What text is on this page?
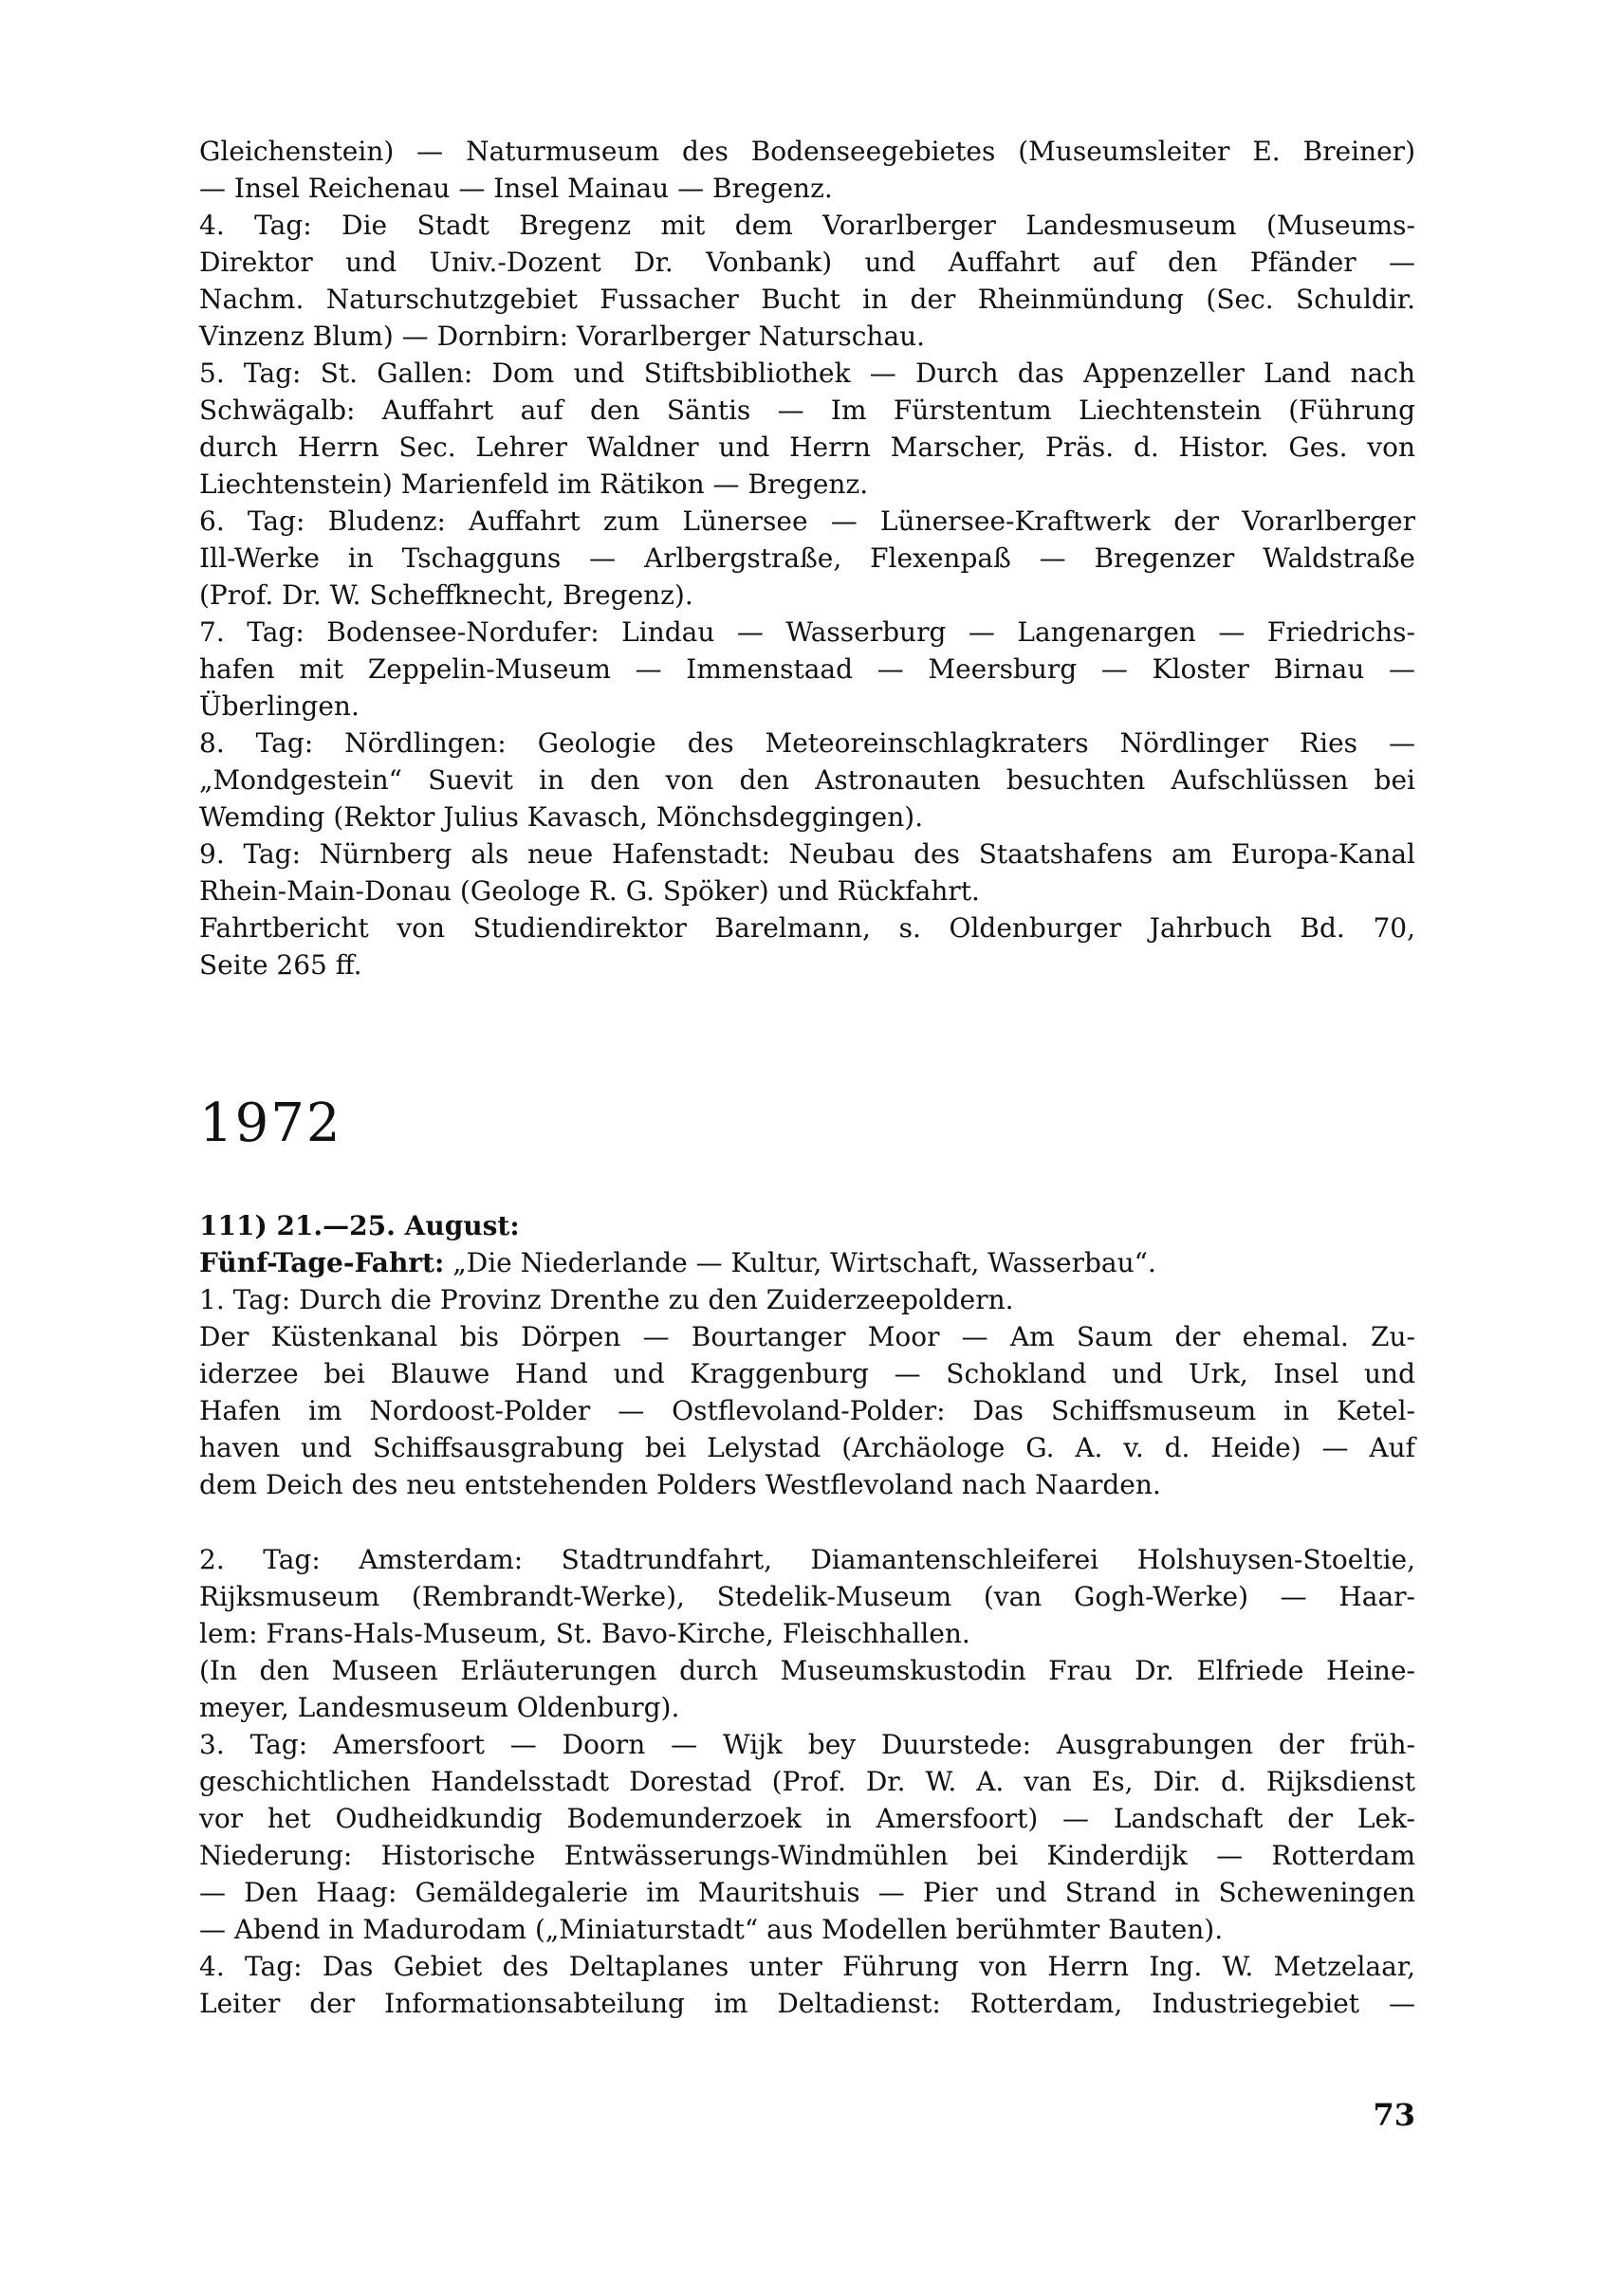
Gleichenstein) — Naturmuseum des Bodenseegebietes (Museumsleiter E. Breiner)

— Insel Reichenau — Insel Mainau — Bregenz.

4. Tag: Die Stadt Bregenz mit dem Vorarlberger Landesmuseum (Museums-

Direktor und Univ.-Dozent Dr. Vonbank) und Auffahrt auf den Pfänder —

Nachm. Naturschutzgebiet Fussacher Bucht in der Rheinmündung (Sec. Schuldir.

Vinzenz Blum) — Dornbirn: Vorarlberger Naturschau.

5. Tag: St. Gallen: Dom und Stiftsbibliothek — Durch das Appenzeller Land nach

Schwägalb: Auffahrt auf den Säntis — Im Fürstentum Liechtenstein (Führung

durch Herrn Sec. Lehrer Waldner und Herrn Marscher, Präs. d. Histor. Ges. von

Liechtenstein) Marienfeld im Rätikon — Bregenz.

6. Tag: Bludenz: Auffahrt zum Lünersee — Lünersee-Kraftwerk der Vorarlberger

Ill-Werke in Tschagguns — Arlbergstraße, Flexenpaß — Bregenzer Waldstraße

(Prof. Dr. W. Scheffknecht, Bregenz).

7. Tag: Bodensee-Nordufer: Lindau — Wasserburg — Langenargen — Friedrichs-

hafen mit Zeppelin-Museum — Immenstaad — Meersburg — Kloster Birnau —

Überlingen.

8. Tag: Nördlingen: Geologie des Meteoreinschlagkraters Nördlinger Ries —

„Mondgestein“ Suevit in den von den Astronauten besuchten Aufschlüssen bei

Wemding (Rektor Julius Kavasch, Mönchsdeggingen).

9. Tag: Nürnberg als neue Hafenstadt: Neubau des Staatshafens am Europa-Kanal

Rhein-Main-Donau (Geologe R. G. Spöker) und Rückfahrt.

Fahrtbericht von Studiendirektor Barelmann, s. Oldenburger Jahrbuch Bd. 70,

Seite 265 ff.

1972

111) 21.—25. August:

Fünf-Tage-Fahrt: „Die Niederlande — Kultur, Wirtschaft, Wasserbau“.

1. Tag: Durch die Provinz Drenthe zu den Zuiderzeepoldern.

Der Küstenkanal bis Dörpen — Bourtanger Moor — Am Saum der ehemal. Zu-

iderzee bei Blauwe Hand und Kraggenburg — Schokland und Urk, Insel und

Hafen im Nordoost-Polder — Ostflevoland-Polder: Das Schiffsmuseum in Ketel-

haven und Schiffsausgrabung bei Lelystad (Archäologe G. A. v. d. Heide) — Auf

dem Deich des neu entstehenden Polders Westflevoland nach Naarden.

2. Tag: Amsterdam: Stadtrundfahrt, Diamantenschleiferei Holshuysen-Stoeltie,

Rijksmuseum (Rembrandt-Werke), Stedelik-Museum (van Gogh-Werke) — Haar-

lem: Frans-Hals-Museum, St. Bavo-Kirche, Fleischhallen.

(In den Museen Erläuterungen durch Museumskustodin Frau Dr. Elfriede Heine-

meyer, Landesmuseum Oldenburg).

3. Tag: Amersfoort — Doorn — Wijk bey Duurstede: Ausgrabungen der früh-

geschichtlichen Handelsstadt Dorestad (Prof. Dr. W. A. van Es, Dir. d. Rijksdienst

vor het Oudheidkundig Bodemunderzoek in Amersfoort) — Landschaft der Lek-

Niederung: Historische Entwässerungs-Windmühlen bei Kinderdijk — Rotterdam

— Den Haag: Gemäldegalerie im Mauritshuis — Pier und Strand in Scheweningen

— Abend in Madurodam („Miniaturstadt“ aus Modellen berühmter Bauten).

4. Tag: Das Gebiet des Deltaplanes unter Führung von Herrn Ing. W. Metzelaar,

Leiter der Informationsabteilung im Deltadienst: Rotterdam, Industriegebiet —

73
